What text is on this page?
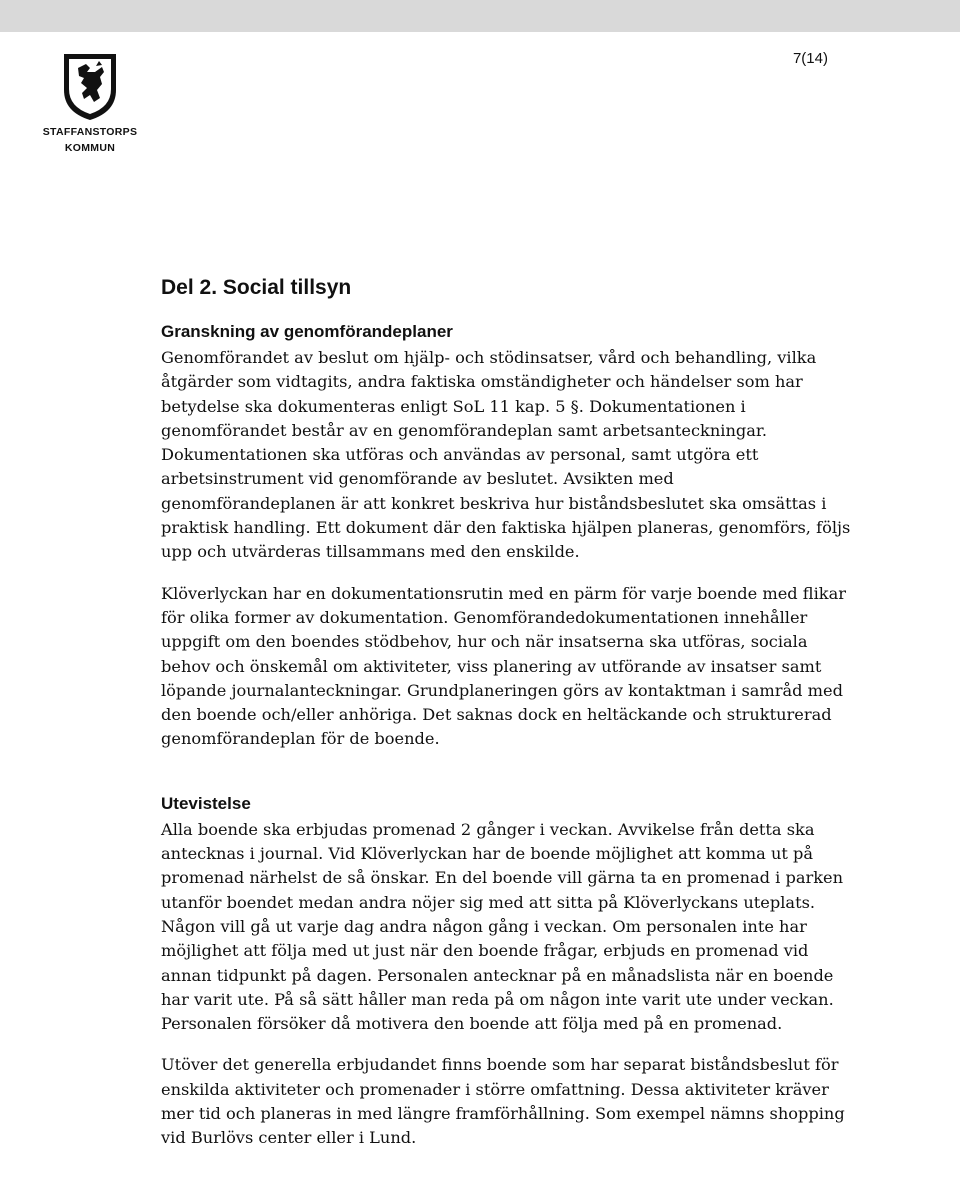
STAFFANSTORPS
KOMMUN
7(14)
Del 2. Social tillsyn
Granskning av genomförandeplaner

Genomförandet av beslut om hjälp- och stödinsatser, vård och behandling, vilka åtgärder som vidtagits, andra faktiska omständigheter och händelser som har betydelse ska dokumenteras enligt SoL 11 kap. 5 §. Dokumentationen i genomförandet består av en genomförandeplan samt arbetsanteckningar. Dokumentationen ska utföras och användas av personal, samt utgöra ett arbetsinstrument vid genomförande av beslutet. Avsikten med genomförandeplanen är att konkret beskriva hur biståndsbeslutet ska omsättas i praktisk handling. Ett dokument där den faktiska hjälpen planeras, genomförs, följs upp och utvärderas tillsammans med den enskilde.

Klöverlyckan har en dokumentationsrutin med en pärm för varje boende med flikar för olika former av dokumentation. Genomförandedokumentationen innehåller uppgift om den boendes stödbehov, hur och när insatserna ska utföras, sociala behov och önskemål om aktiviteter, viss planering av utförande av insatser samt löpande journalanteckningar. Grundplaneringen görs av kontaktman i samråd med den boende och/eller anhöriga. Det saknas dock en heltäckande och strukturerad genomförandeplan för de boende.

Utevistelse

Alla boende ska erbjudas promenad 2 gånger i veckan. Avvikelse från detta ska antecknas i journal. Vid Klöverlyckan har de boende möjlighet att komma ut på promenad närhelst de så önskar. En del boende vill gärna ta en promenad i parken utanför boendet medan andra nöjer sig med att sitta på Klöverlyckans uteplats. Någon vill gå ut varje dag andra någon gång i veckan. Om personalen inte har möjlighet att följa med ut just när den boende frågar, erbjuds en promenad vid annan tidpunkt på dagen. Personalen antecknar på en månadslista när en boende har varit ute. På så sätt håller man reda på om någon inte varit ute under veckan. Personalen försöker då motivera den boende att följa med på en promenad.

Utöver det generella erbjudandet finns boende som har separat biståndsbeslut för enskilda aktiviteter och promenader i större omfattning. Dessa aktiviteter kräver mer tid och planeras in med längre framförhållning. Som exempel nämns shopping vid Burlövs center eller i Lund.
